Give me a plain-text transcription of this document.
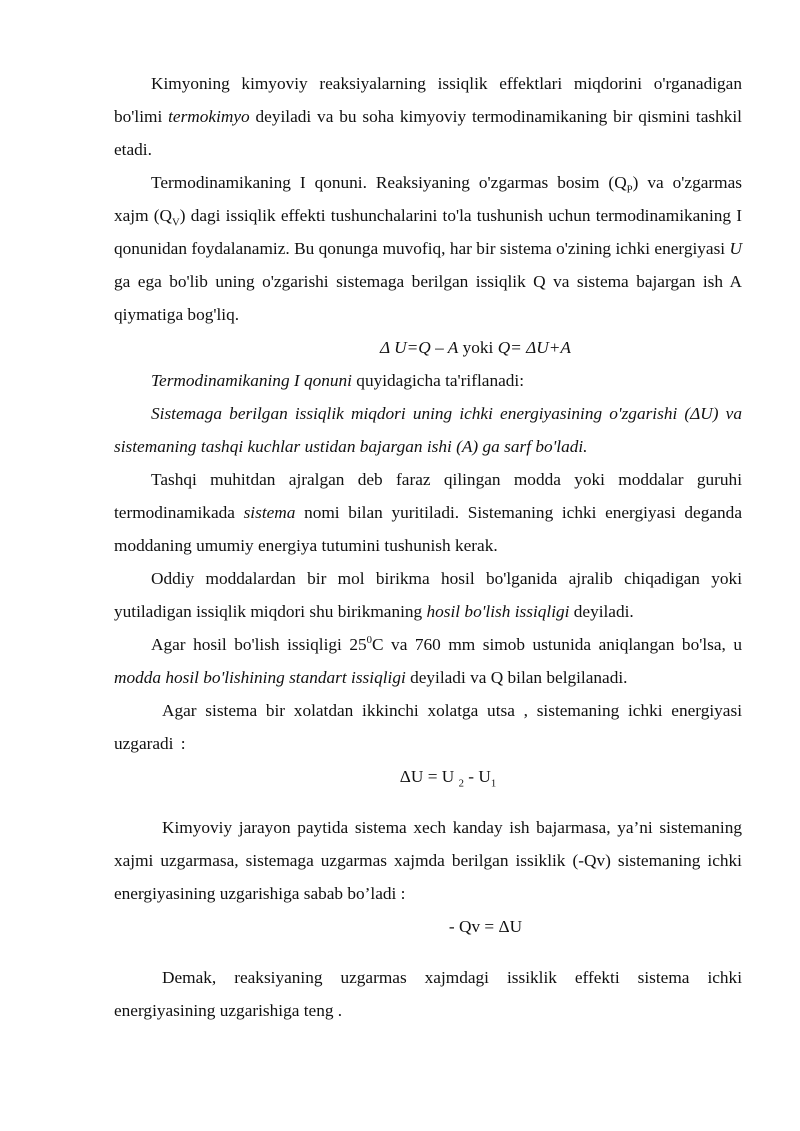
Kimyoning kimyoviy reaksiyalarning issiqlik effektlari miqdorini o'rganadigan bo'limi termokimyo deyiladi va bu soha kimyoviy termodinamikaning bir qismini tashkil etadi.

Termodinamikaning I qonuni. Reaksiyaning o'zgarmas bosim $(Q_P)$ va o'zgarmas xajm $(Q_V)$ dagi issiqlik effekti tushunchalarini to'la tushunish uchun termodinamikaning I qonunidan foydalanamiz. Bu qonunga muvofiq, har bir sistema o'zining ichki energiyasi U ga ega bo'lib uning o'zgarishi sistemaga berilgan issiqlik Q va sistema bajargan ish A qiymatiga bog'liq.

Δ U=Q – A yoki Q= ΔU+A

Termodinamikaning I qonuni quyidagicha ta'riflanadi:

Sistemaga berilgan issiqlik miqdori uning ichki energiyasining o'zgarishi (ΔU) va sistemaning tashqi kuchlar ustidan bajargan ishi (A) ga sarf bo'ladi.

Tashqi muhitdan ajralgan deb faraz qilingan modda yoki moddalar guruhi termodinamikada sistema nomi bilan yuritiladi. Sistemaning ichki energiyasi deganda moddaning umumiy energiya tutumini tushunish kerak.

Oddiy moddalardan bir mol birikma hosil bo'lganida ajralib chiqadigan yoki yutiladigan issiqlik miqdori shu birikmaning hosil bo'lish issiqligi deyiladi.

Agar hosil bo'lish issiqligi $25^0C$ va 760 mm simob ustunida aniqlangan bo'lsa, u modda hosil bo'lishining standart issiqligi deyiladi va Q bilan belgilanadi.

Agar sistema bir xolatdan ikkinchi xolatga utsa , sistemaning ichki energiyasi uzgaradi :

ΔU = U $_2 - U_1$

Kimyoviy jarayon paytida sistema xech kanday ish bajarmasa, ya’ni sistemaning xajmi uzgarmasa, sistemaga uzgarmas xajmda berilgan issiklik (-Qv) sistemaning ichki energiyasining uzgarishiga sabab bo’ladi :

- Qv = ΔU

Demak, reaksiyaning uzgarmas xajmdagi issiklik effekti sistema ichki energiyasining uzgarishiga teng .
